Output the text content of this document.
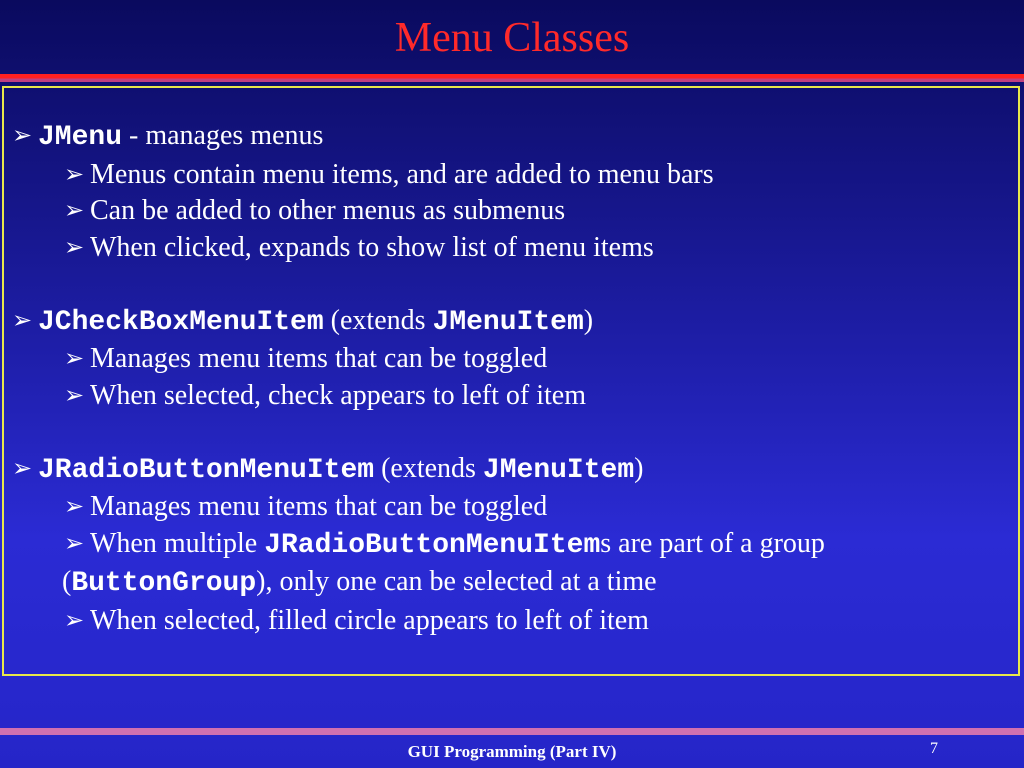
Menu Classes
➢ JMenu - manages menus
➢ Menus contain menu items, and are added to menu bars
➢ Can be added to other menus as submenus
➢ When clicked, expands to show list of menu items
➢ JCheckBoxMenuItem (extends JMenuItem)
➢ Manages menu items that can be toggled
➢ When selected, check appears to left of item
➢ JRadioButtonMenuItem (extends JMenuItem)
➢ Manages menu items that can be toggled
➢ When multiple JRadioButtonMenuItems are part of a group
(ButtonGroup), only one can be selected at a time
➢ When selected, filled circle appears to left of item
GUI Programming (Part IV)	7
